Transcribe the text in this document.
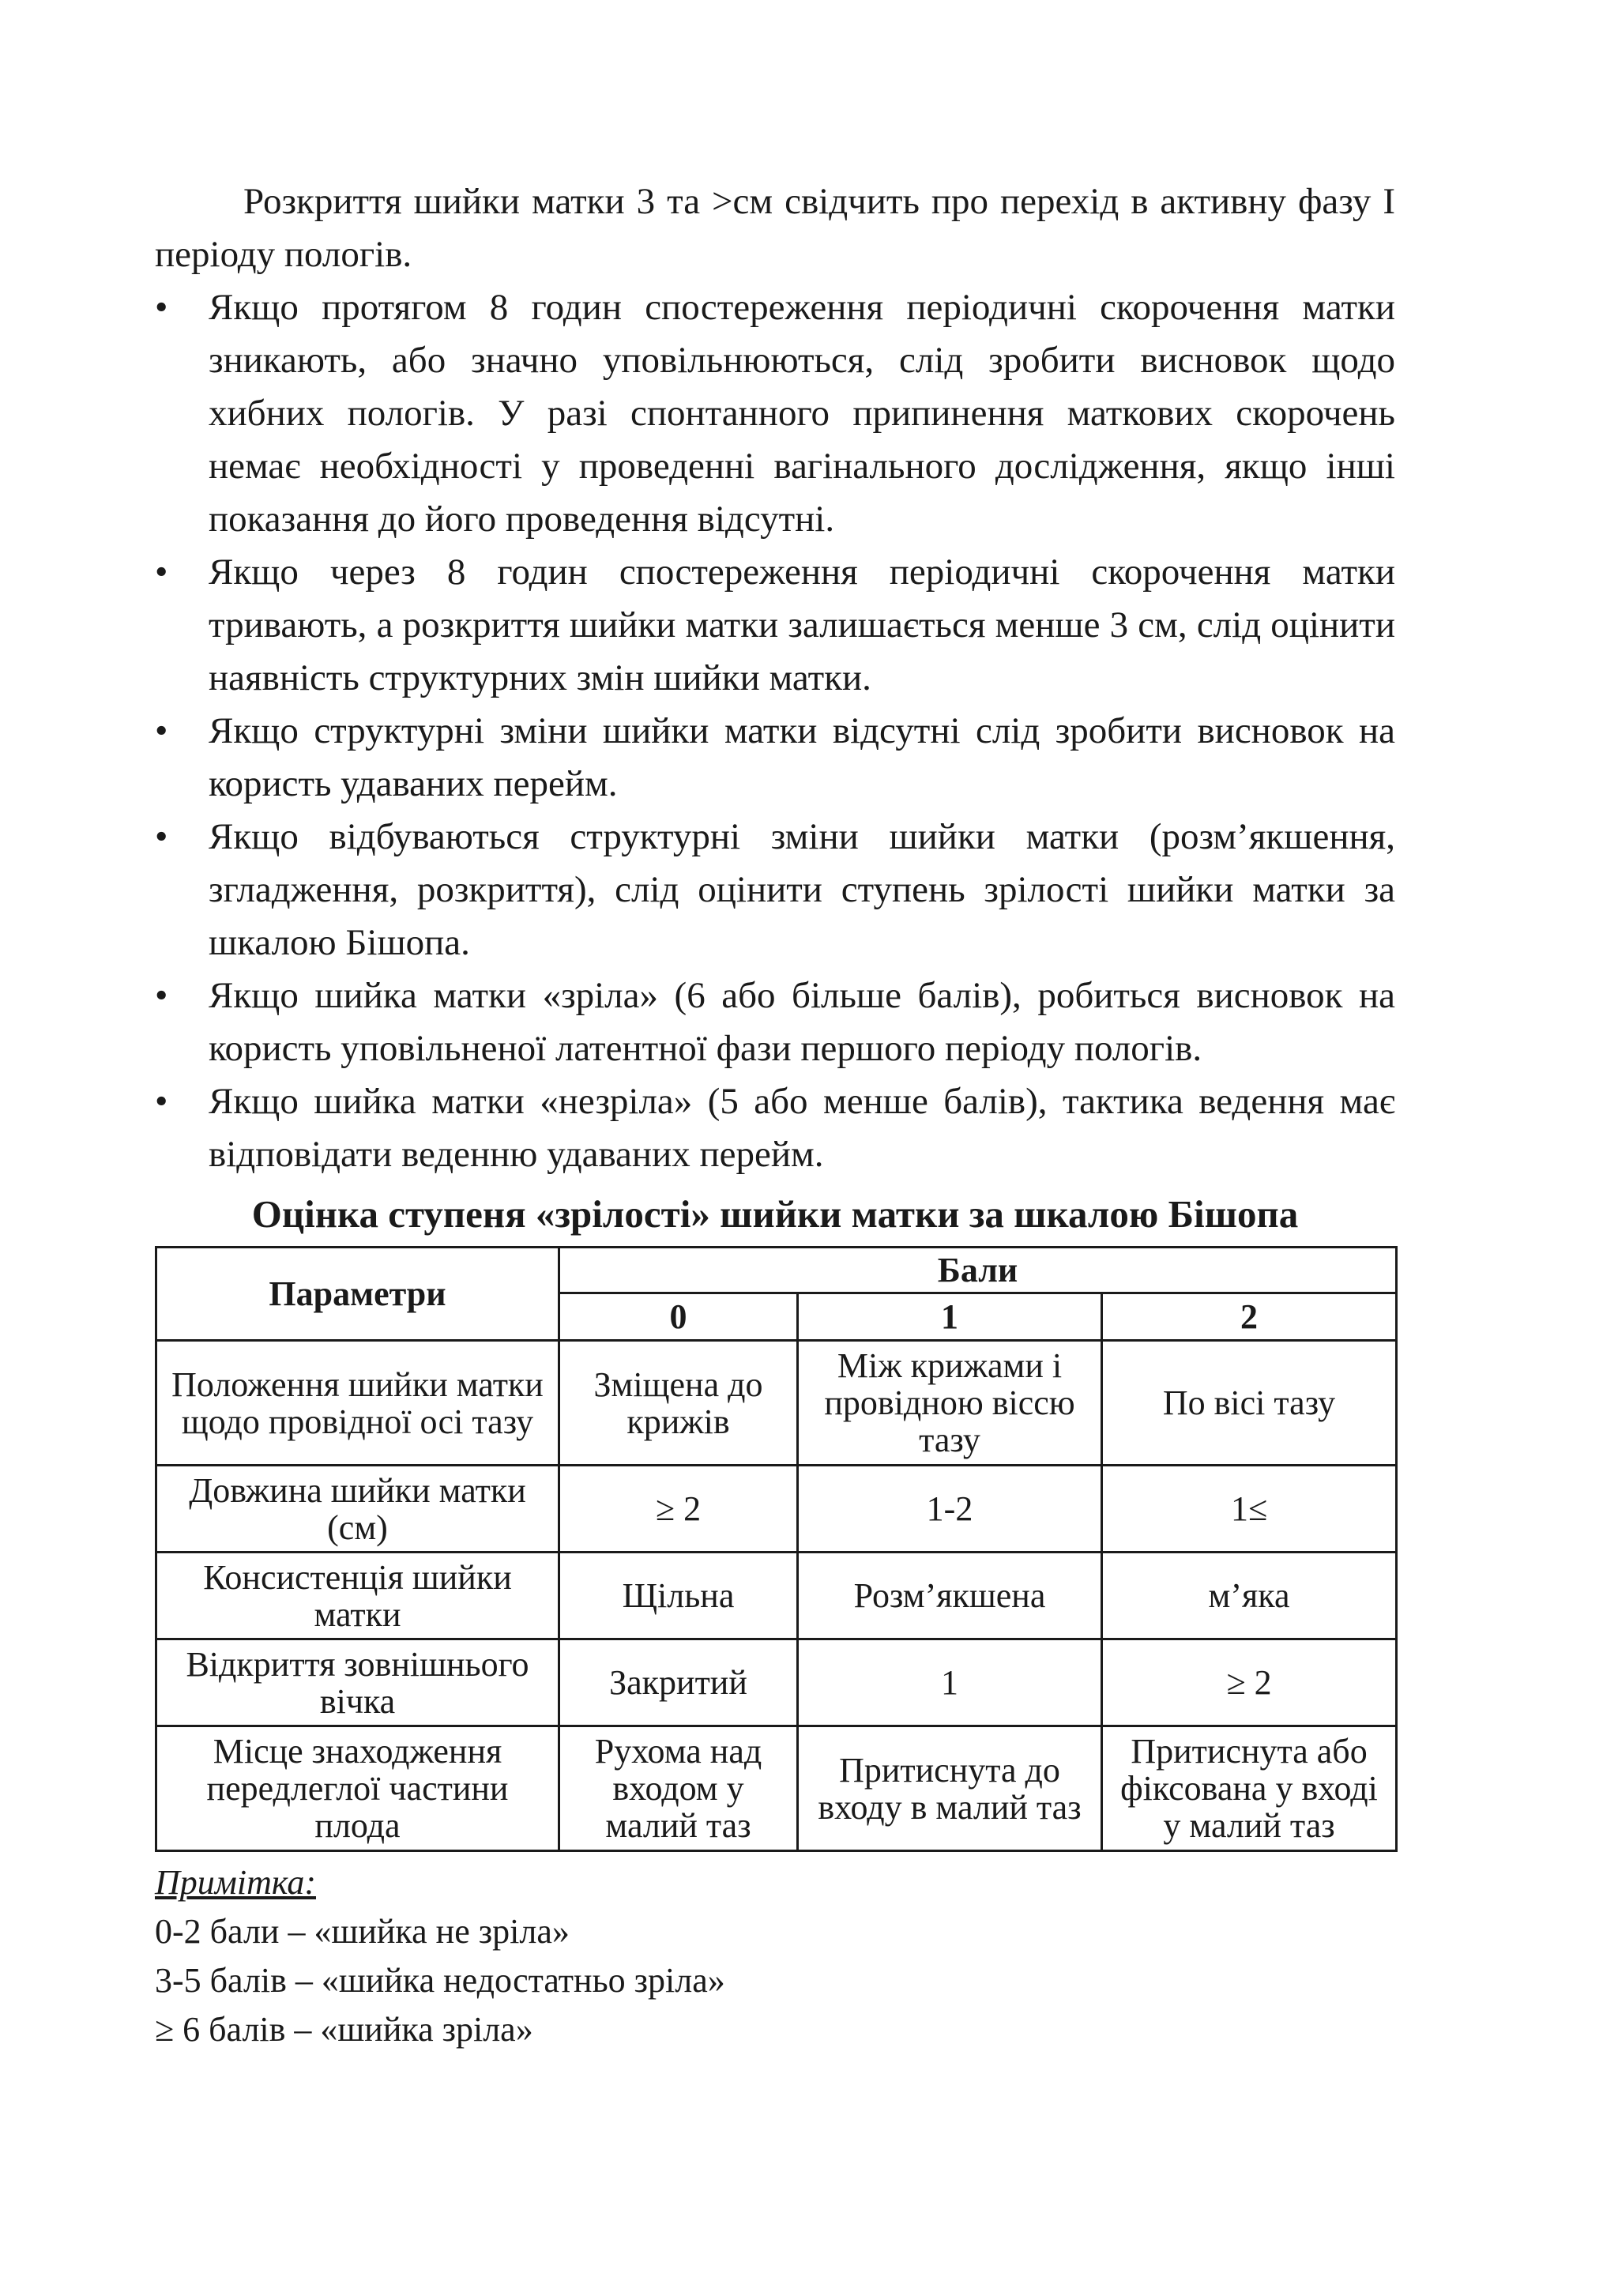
Розкриття шийки матки 3 та >см свідчить про перехід в активну фазу І періоду пологів.

• Якщо протягом 8 годин спостереження періодичні скорочення матки зникають, або значно уповільнюються, слід зробити висновок щодо хибних пологів. У разі спонтанного припинення маткових скорочень немає необхідності у проведенні вагінального дослідження, якщо інші показання до його проведення відсутні.
• Якщо через 8 годин спостереження періодичні скорочення матки тривають, а розкриття шийки матки залишається менше 3 см, слід оцінити наявність структурних змін шийки матки.
• Якщо структурні зміни шийки матки відсутні слід зробити висновок на користь удаваних перейм.
• Якщо відбуваються структурні зміни шийки матки (розм’якшення, згладження, розкриття), слід оцінити ступень зрілості шийки матки за шкалою Бішопа.
• Якщо шийка матки «зріла» (6 або більше балів), робиться висновок на користь уповільненої латентної фази першого періоду пологів.
• Якщо шийка матки «незріла» (5 або менше балів), тактика ведення має відповідати веденню удаваних перейм.
Оцінка ступеня «зрілості» шийки матки за шкалою Бішопа
Параметри	Бали		
	0	1	2
Положення шийки матки щодо провідної осі тазу	Зміщена до крижів	Між крижами і провідною віссю тазу	По вісі тазу
Довжина шийки матки (см)	≥ 2	1-2	1≤
Консистенція шийки матки	Щільна	Розм’якшена	м’яка
Відкриття зовнішнього вічка	Закритий	1	≥ 2
Місце знаходження передлеглої частини плода	Рухома над входом у малий таз	Притиснута до входу в малий таз	Притиснута або фіксована у вході у малий таз

Примітка:

0-2 бали – «шийка не зріла»

3-5 балів – «шийка недостатньо зріла»

≥ 6 балів – «шийка зріла»
